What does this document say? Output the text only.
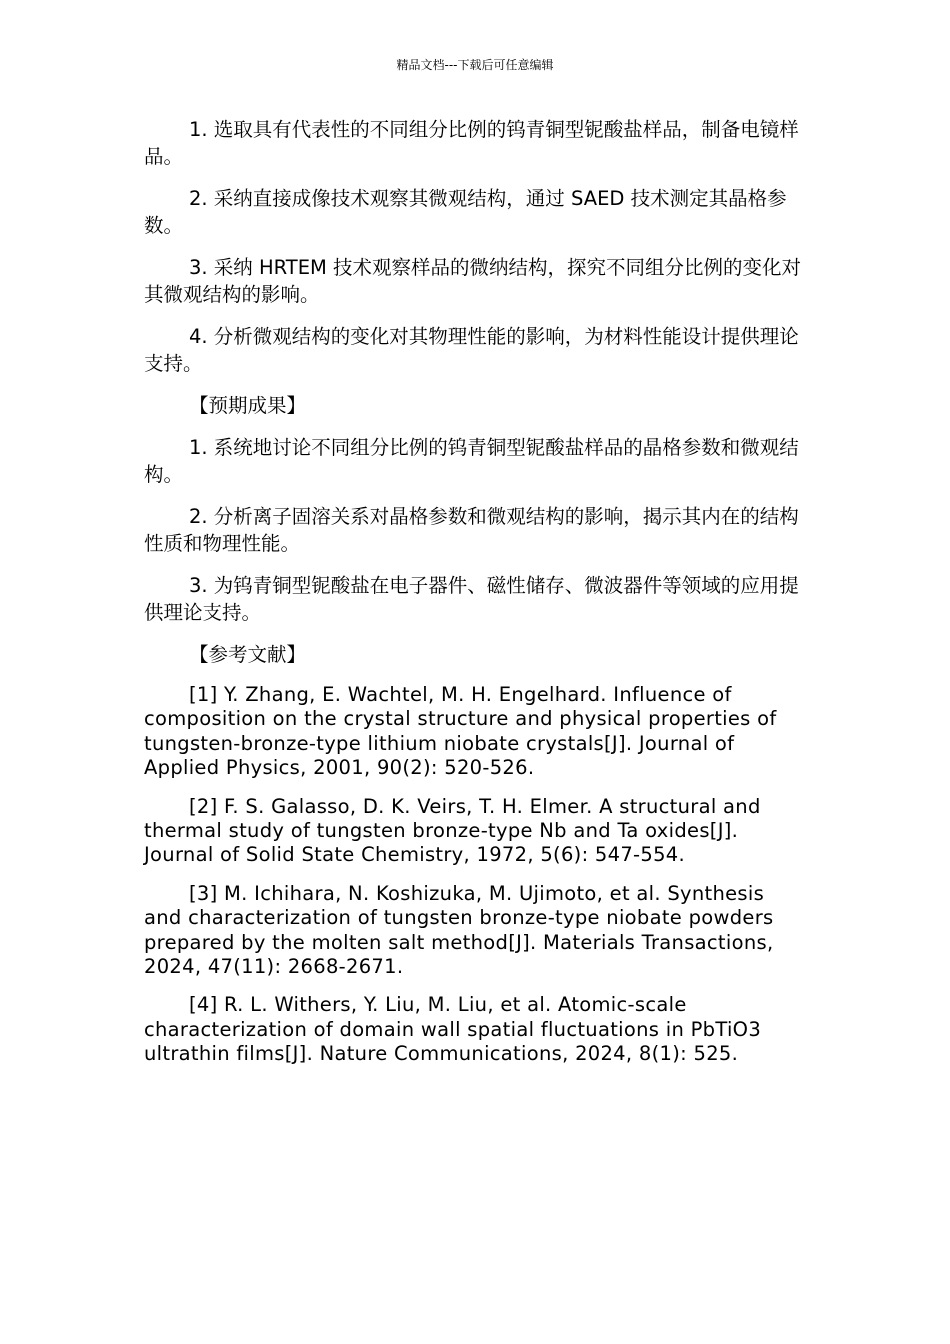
精品文档---下载后可任意编辑

1. 选取具有代表性的不同组分比例的钨青铜型铌酸盐样品，制备电镜样品。

2. 采纳直接成像技术观察其微观结构，通过 SAED 技术测定其晶格参数。

3. 采纳 HRTEM 技术观察样品的微纳结构，探究不同组分比例的变化对其微观结构的影响。

4. 分析微观结构的变化对其物理性能的影响，为材料性能设计提供理论支持。

【预期成果】

1. 系统地讨论不同组分比例的钨青铜型铌酸盐样品的晶格参数和微观结构。

2. 分析离子固溶关系对晶格参数和微观结构的影响，揭示其内在的结构性质和物理性能。

3. 为钨青铜型铌酸盐在电子器件、磁性储存、微波器件等领域的应用提供理论支持。

【参考文献】

[1] Y. Zhang, E. Wachtel, M. H. Engelhard. Influence of composition on the crystal structure and physical properties of tungsten-bronze-type lithium niobate crystals[J]. Journal of Applied Physics, 2001, 90(2): 520-526.

[2] F. S. Galasso, D. K. Veirs, T. H. Elmer. A structural and thermal study of tungsten bronze-type Nb and Ta oxides[J]. Journal of Solid State Chemistry, 1972, 5(6): 547-554.

[3] M. Ichihara, N. Koshizuka, M. Ujimoto, et al. Synthesis and characterization of tungsten bronze-type niobate powders prepared by the molten salt method[J]. Materials Transactions, 2024, 47(11): 2668-2671.

[4] R. L. Withers, Y. Liu, M. Liu, et al. Atomic-scale characterization of domain wall spatial fluctuations in PbTiO3 ultrathin films[J]. Nature Communications, 2024, 8(1): 525.
